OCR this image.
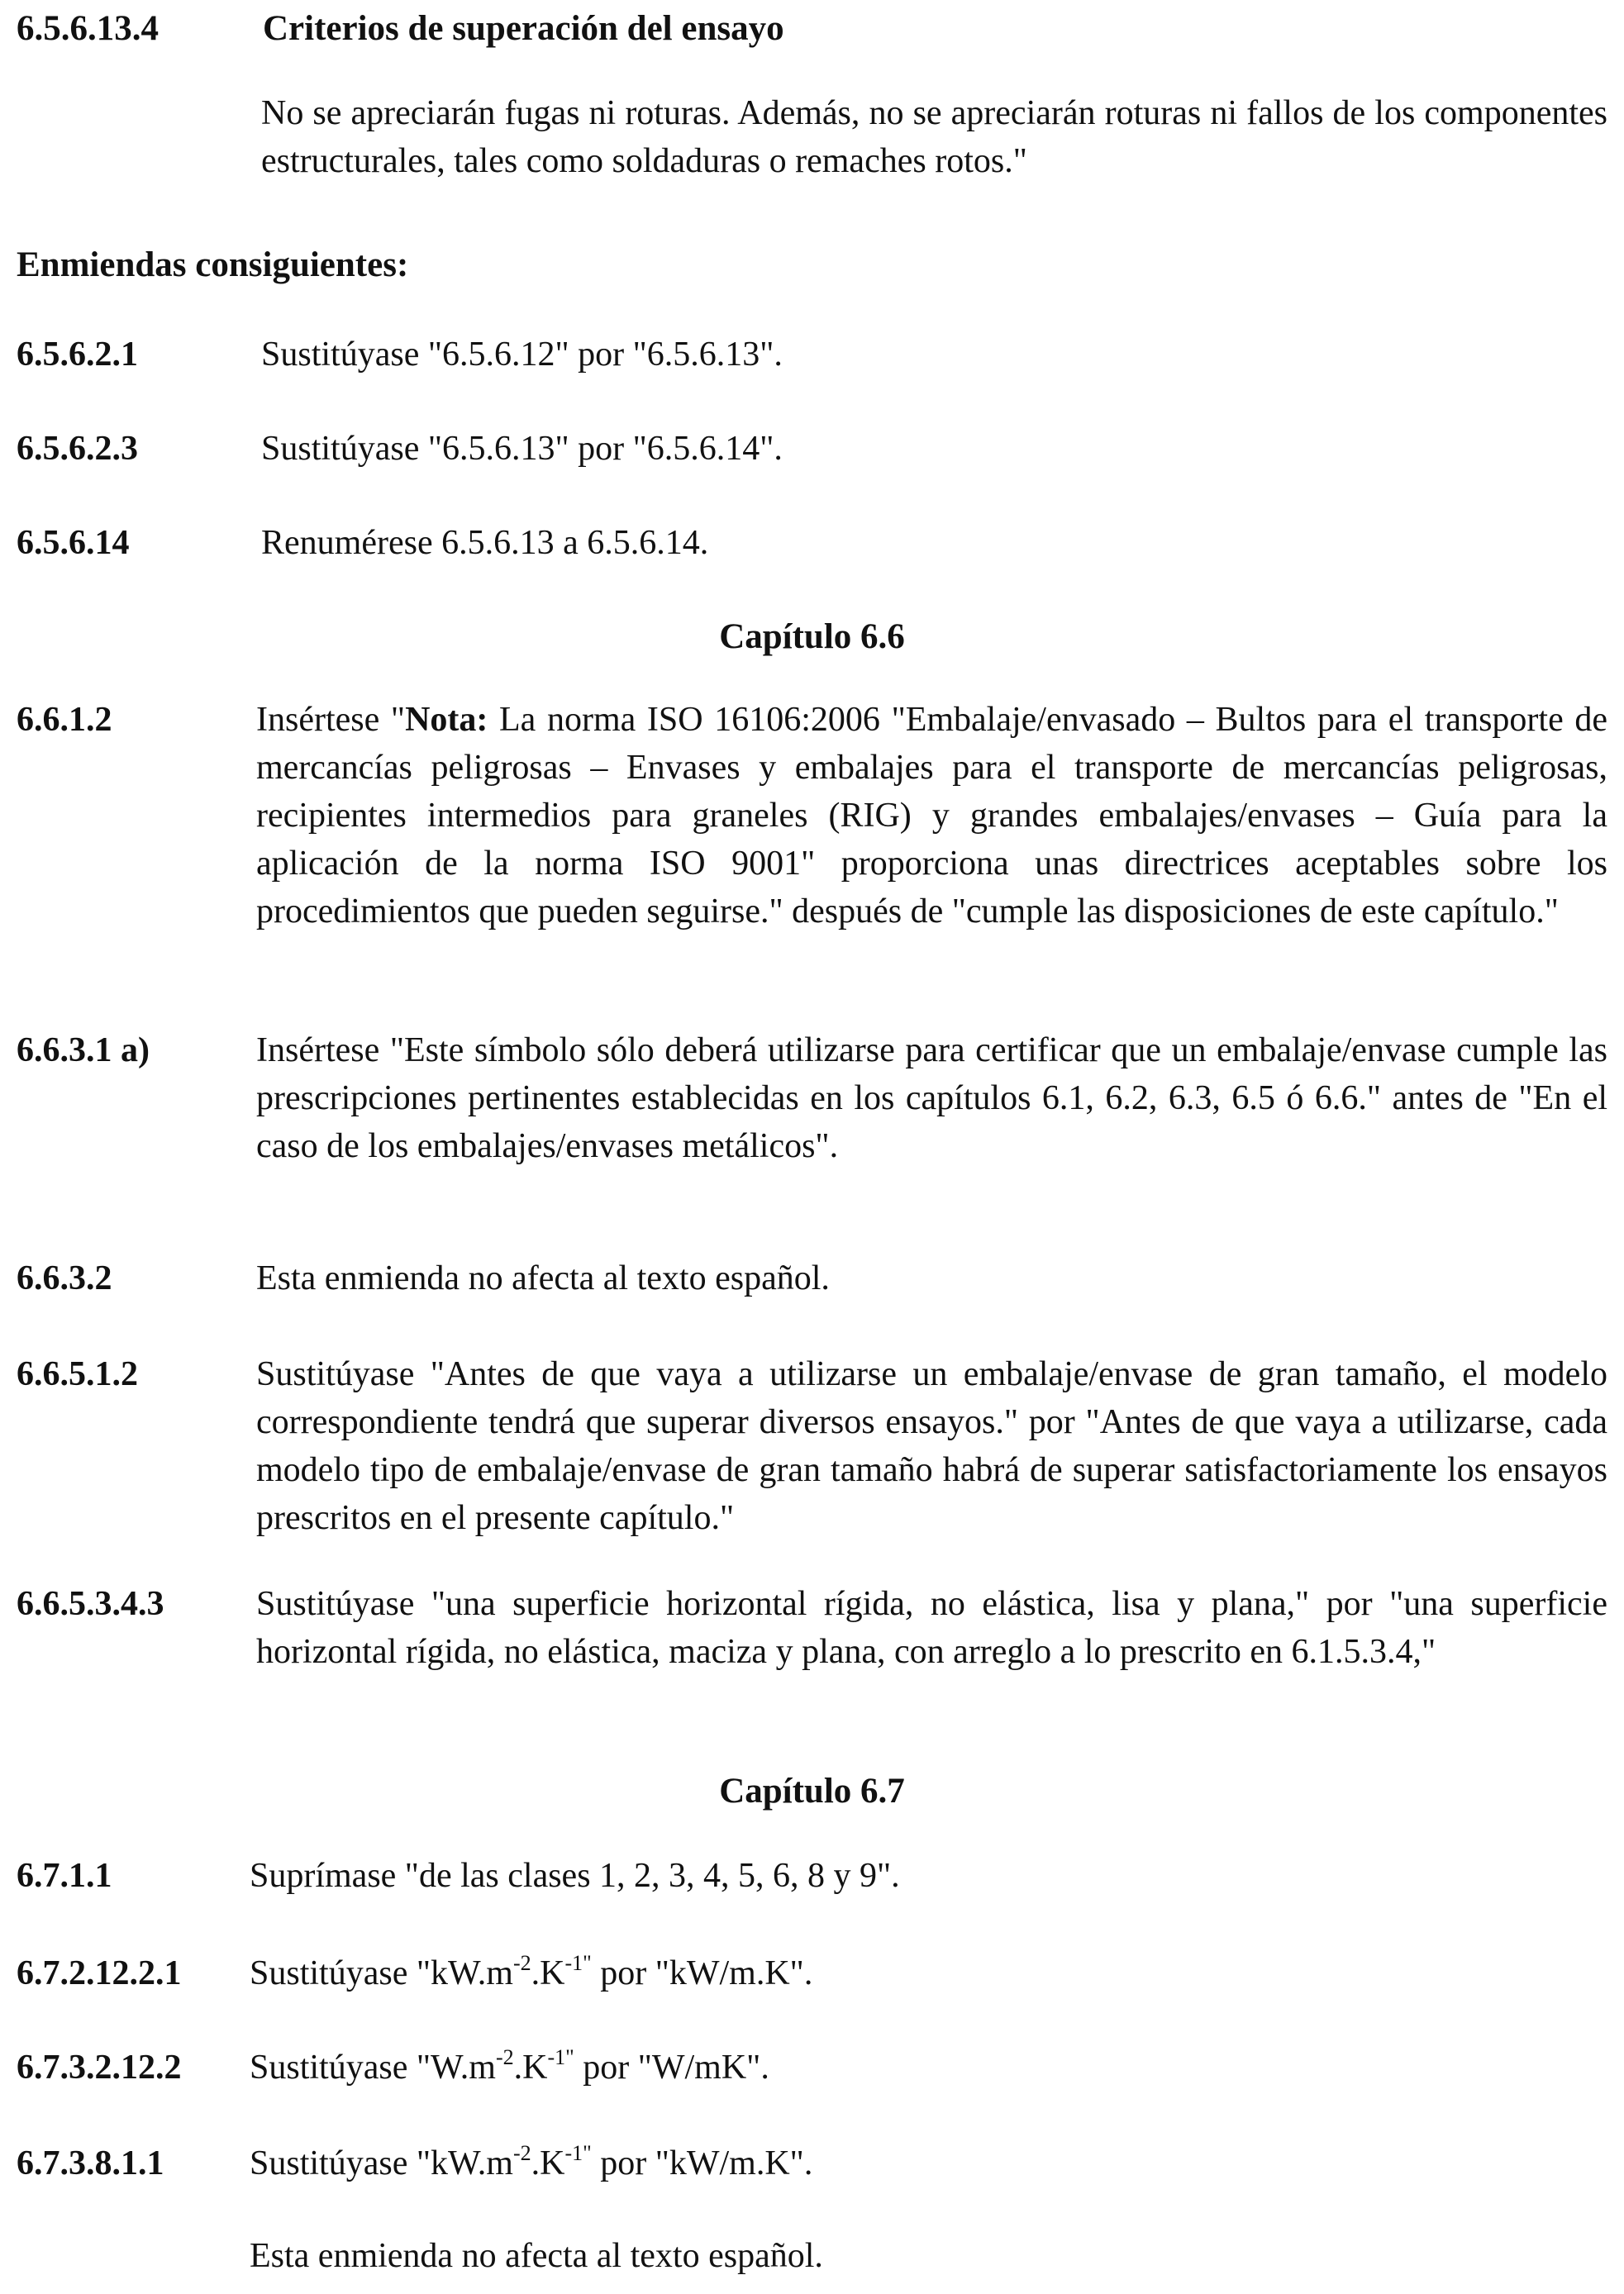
6.5.6.13.4	Criterios de superación del ensayo
No se apreciarán fugas ni roturas. Además, no se apreciarán roturas ni fallos de los componentes estructurales, tales como soldaduras o remaches rotos."
Enmiendas consiguientes:
6.5.6.2.1	Sustitúyase "6.5.6.12" por "6.5.6.13".
6.5.6.2.3	Sustitúyase "6.5.6.13" por "6.5.6.14".
6.5.6.14	Renumérese 6.5.6.13 a 6.5.6.14.
Capítulo 6.6
6.6.1.2	Insértese "Nota: La norma ISO 16106:2006 "Embalaje/envasado – Bultos para el transporte de mercancías peligrosas – Envases y embalajes para el transporte de mercancías peligrosas, recipientes intermedios para graneles (RIG) y grandes embalajes/envases – Guía para la aplicación de la norma ISO 9001" proporciona unas directrices aceptables sobre los procedimientos que pueden seguirse." después de "cumple las disposiciones de este capítulo."
6.6.3.1 a)	Insértese "Este símbolo sólo deberá utilizarse para certificar que un embalaje/envase cumple las prescripciones pertinentes establecidas en los capítulos 6.1, 6.2, 6.3, 6.5 ó 6.6." antes de "En el caso de los embalajes/envases metálicos".
6.6.3.2	Esta enmienda no afecta al texto español.
6.6.5.1.2	Sustitúyase "Antes de que vaya a utilizarse un embalaje/envase de gran tamaño, el modelo correspondiente tendrá que superar diversos ensayos." por "Antes de que vaya a utilizarse, cada modelo tipo de embalaje/envase de gran tamaño habrá de superar satisfactoriamente los ensayos prescritos en el presente capítulo."
6.6.5.3.4.3	Sustitúyase "una superficie horizontal rígida, no elástica, lisa y plana," por "una superficie horizontal rígida, no elástica, maciza y plana, con arreglo a lo prescrito en 6.1.5.3.4,"
Capítulo 6.7
6.7.1.1	Suprímase "de las clases 1, 2, 3, 4, 5, 6, 8 y 9".
6.7.2.12.2.1 Sustitúyase "$kW.m^{-2}.K^{-1"}$ por "kW/m.K".
6.7.3.2.12.2 Sustitúyase "$W.m^{-2}.K^{-1"}$ por "W/mK".
6.7.3.8.1.1 Sustitúyase "$kW.m^{-2}.K^{-1"}$ por "kW/m.K".
Esta enmienda no afecta al texto español.
